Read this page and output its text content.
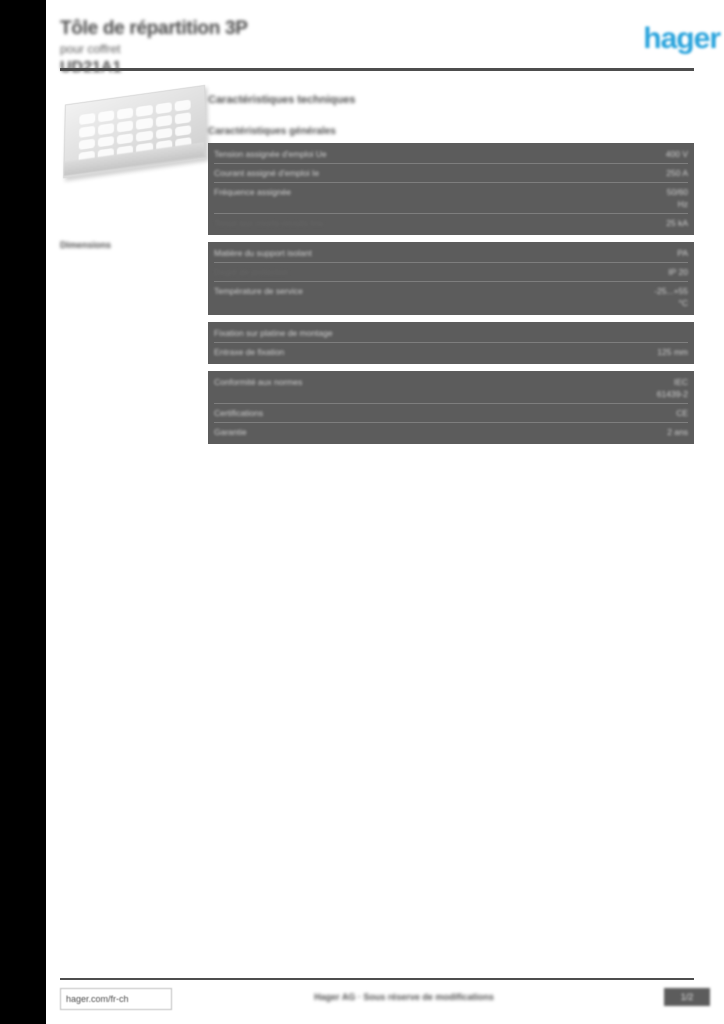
Tôle de répartition 3P

pour coffret	hager
Dimensions
Caractéristiques techniques
Caractéristiques générales
Tension assignée d'emploi Ue	400 V
Courant assigné d'emploi Ie	250 A
Fréquence assignée	50/60 Hz
Tenue aux courts-circuits Icw	25 kA
Matière du support isolant	PA
Degré de protection	IP 20
Température de service	-25...+55 °C
Fixation sur platine de montage
Entraxe de fixation	125 mm
Conformité aux normes	IEC 61439-2
Certifications	CE
Garantie	2 ans
hager.com/fr-ch	Hager AG · Sous réserve de modifications	1/2
